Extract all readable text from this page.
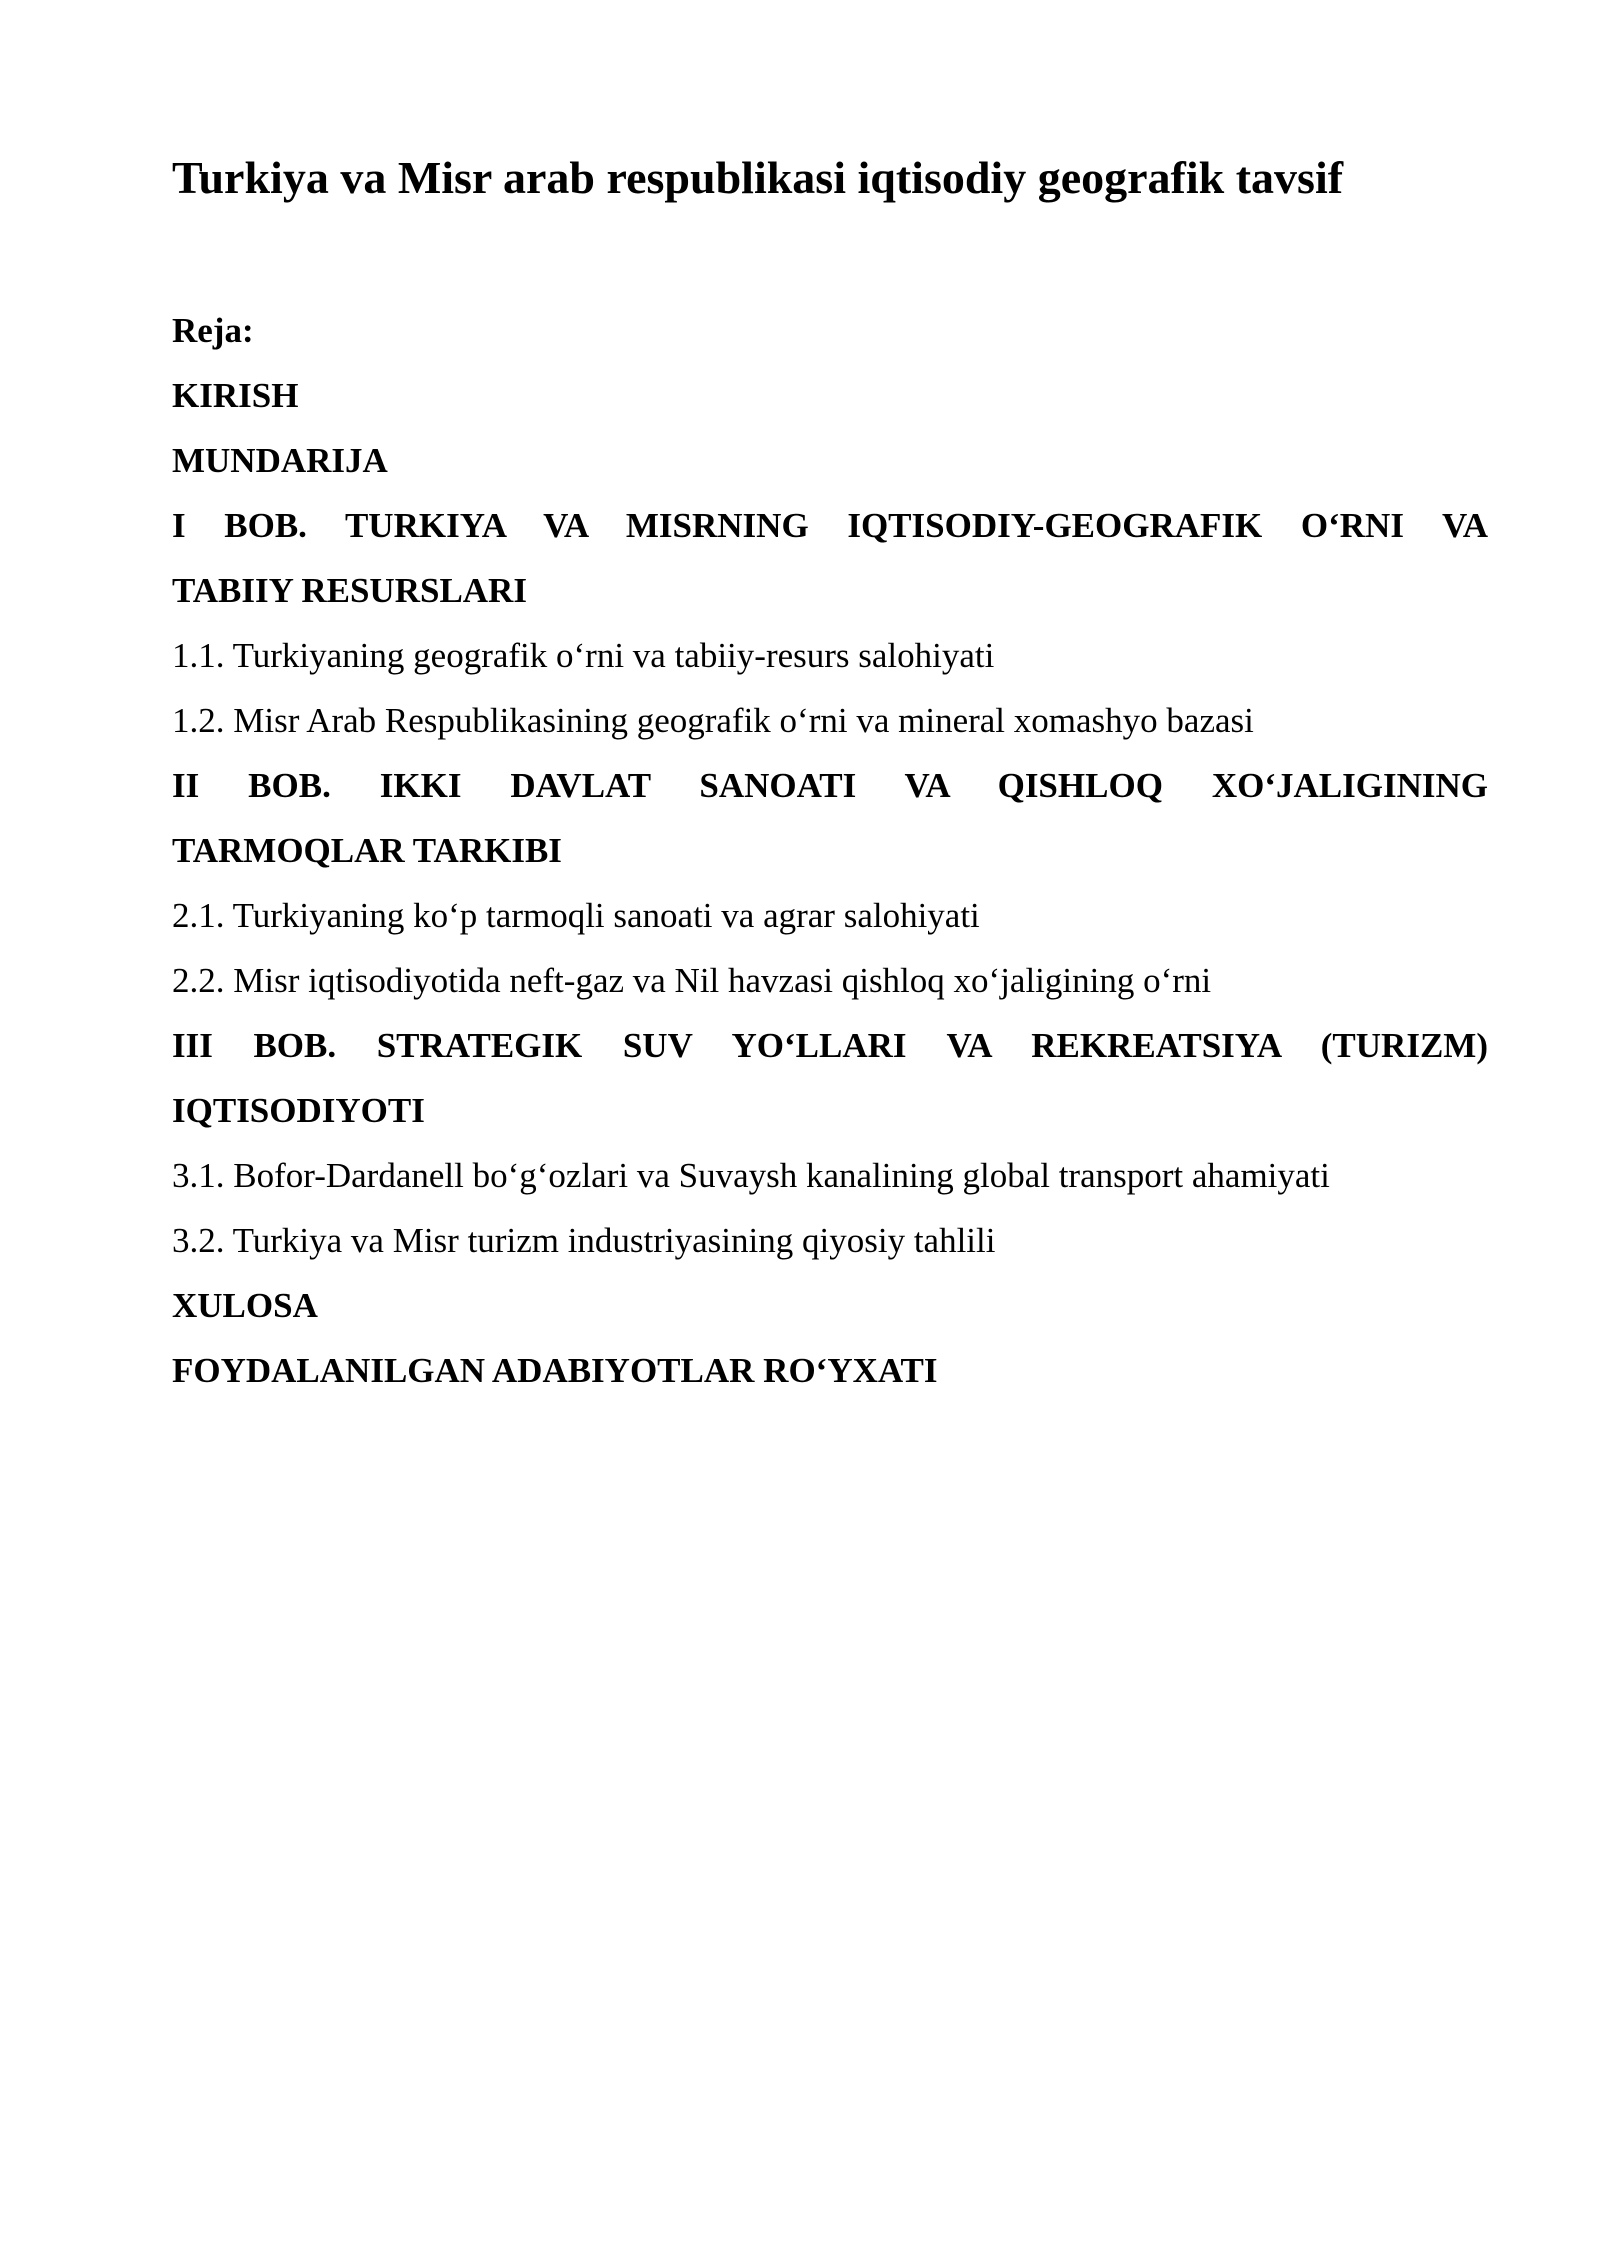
Turkiya va Misr arab respublikasi iqtisodiy geografik tavsif

Reja:

KIRISH

MUNDARIJA

I BOB. TURKIYA VA MISRNING IQTISODIY-GEOGRAFIK O‘RNI VA

TABIIY RESURSLARI

1.1. Turkiyaning geografik o‘rni va tabiiy-resurs salohiyati

1.2. Misr Arab Respublikasining geografik o‘rni va mineral xomashyo bazasi

II BOB. IKKI DAVLAT SANOATI VA QISHLOQ XO‘JALIGINING

TARMOQLAR TARKIBI

2.1. Turkiyaning ko‘p tarmoqli sanoati va agrar salohiyati

2.2. Misr iqtisodiyotida neft-gaz va Nil havzasi qishloq xo‘jaligining o‘rni

III BOB. STRATEGIK SUV YO‘LLARI VA REKREATSIYA (TURIZM)

IQTISODIYOTI

3.1. Bofor-Dardanell bo‘g‘ozlari va Suvaysh kanalining global transport ahamiyati

3.2. Turkiya va Misr turizm industriyasining qiyosiy tahlili

XULOSA

FOYDALANILGAN ADABIYOTLAR RO‘YXATI
